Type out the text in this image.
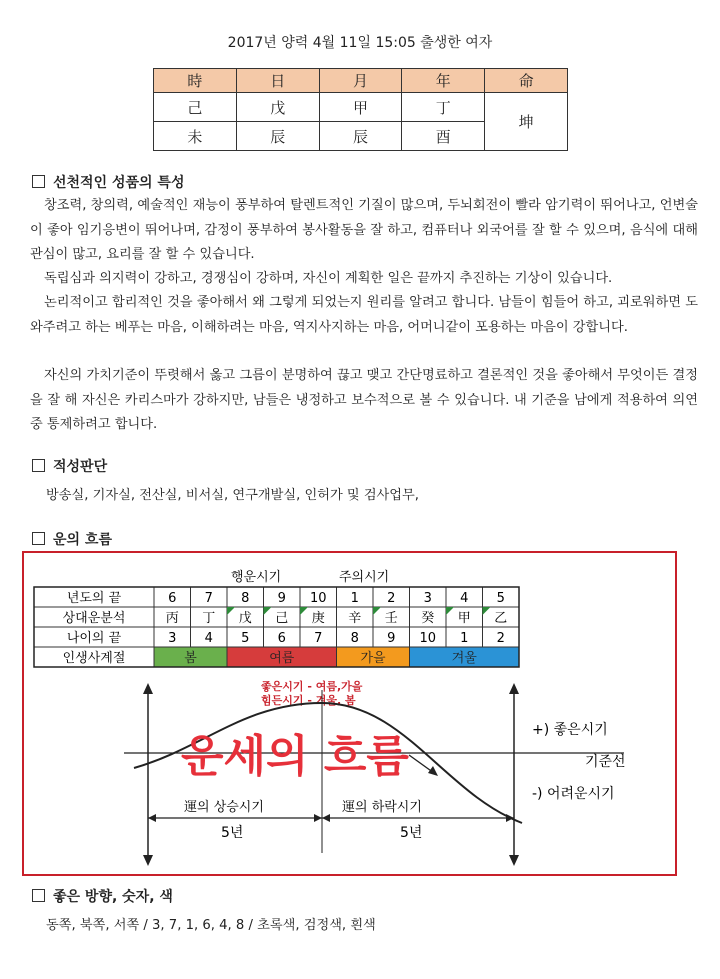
2017년 양력 4월 11일 15:05 출생한 여자
時	日	月	年	命
己	戊	甲	丁	坤
未	辰	辰	酉	
선천적인 성품의 특성

창조력, 창의력, 예술적인 재능이 풍부하여 탈렌트적인 기질이 많으며, 두뇌회전이 빨라 암기력이 뛰어나고, 언변술이 좋아 임기응변이 뛰어나며, 감정이 풍부하여 봉사활동을 잘 하고, 컴퓨터나 외국어를 잘 할 수 있으며, 음식에 대해 관심이 많고, 요리를 잘 할 수 있습니다.

독립심과 의지력이 강하고, 경쟁심이 강하며, 자신이 계획한 일은 끝까지 추진하는 기상이 있습니다.

논리적이고 합리적인 것을 좋아해서 왜 그렇게 되었는지 원리를 알려고 합니다. 남들이 힘들어 하고, 괴로워하면 도와주려고 하는 베푸는 마음, 이해하려는 마음, 역지사지하는 마음, 어머니같이 포용하는 마음이 강합니다.

자신의 가치기준이 뚜렷해서 옳고 그름이 분명하여 끊고 맺고 간단명료하고 결론적인 것을 좋아해서 무엇이든 결정을 잘 해 자신은 카리스마가 강하지만, 남들은 냉정하고 보수적으로 볼 수 있습니다. 내 기준을 남에게 적용하여 의연 중 통제하려고 합니다.

적성판단
방송실, 기자실, 전산실, 비서실, 연구개발실, 인허가 및 검사업무,
운의 흐름
행운시기	주의시기
년도의 끝	6 7 8 9 10 1 2 3 4 5
상대운분석	丙 丁 戊 己 庚 辛 壬 癸 甲 乙
나이의 끝	3 4 5 6 7 8 9 10 1 2
인생사계절	봄	여름	가을	겨울
좋은시기 - 여름,가을
힘든시기 - 겨울, 봄
운세의 흐름
+) 좋은시기
기준선
-) 어려운시기
運의 상승시기	運의 하락시기
5년	5년
좋은 방향, 숫자, 색
동쪽, 북쪽, 서쪽 / 3, 7, 1, 6, 4, 8 / 초록색, 검정색, 흰색
